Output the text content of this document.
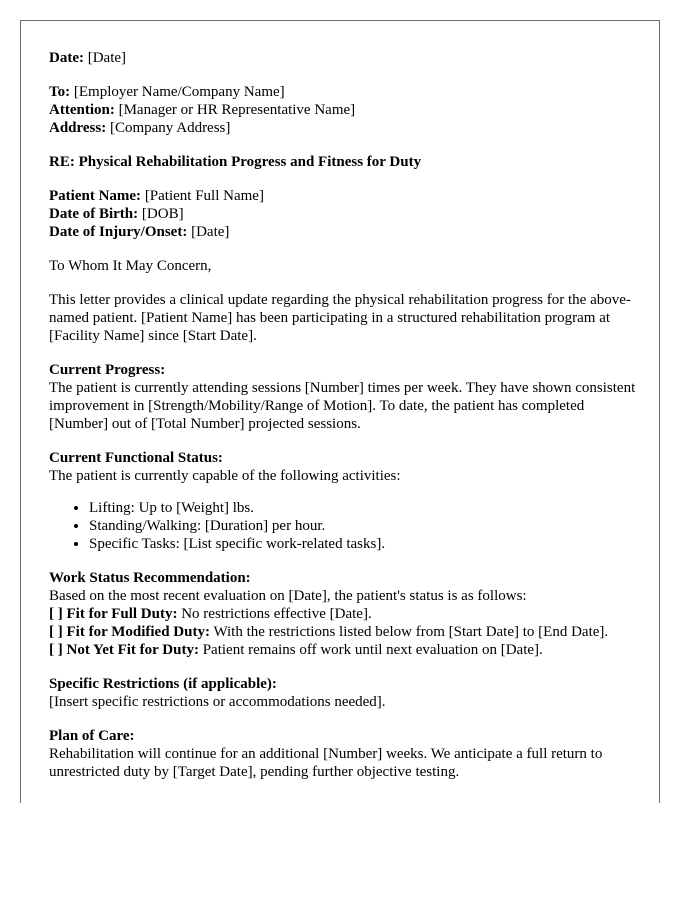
Date: [Date]

To: [Employer Name/Company Name]
Attention: [Manager or HR Representative Name]
Address: [Company Address]

RE: Physical Rehabilitation Progress and Fitness for Duty

Patient Name: [Patient Full Name]
Date of Birth: [DOB]
Date of Injury/Onset: [Date]

To Whom It May Concern,

This letter provides a clinical update regarding the physical rehabilitation progress for the above-named patient. [Patient Name] has been participating in a structured rehabilitation program at [Facility Name] since [Start Date].

Current Progress:
The patient is currently attending sessions [Number] times per week. They have shown consistent improvement in [Strength/Mobility/Range of Motion]. To date, the patient has completed [Number] out of [Total Number] projected sessions.

Current Functional Status:
The patient is currently capable of the following activities:

• Lifting: Up to [Weight] lbs.
• Standing/Walking: [Duration] per hour.
• Specific Tasks: [List specific work-related tasks].

Work Status Recommendation:
Based on the most recent evaluation on [Date], the patient's status is as follows:
[ ] Fit for Full Duty: No restrictions effective [Date].
[ ] Fit for Modified Duty: With the restrictions listed below from [Start Date] to [End Date].
[ ] Not Yet Fit for Duty: Patient remains off work until next evaluation on [Date].

Specific Restrictions (if applicable):
[Insert specific restrictions or accommodations needed].

Plan of Care:
Rehabilitation will continue for an additional [Number] weeks. We anticipate a full return to unrestricted duty by [Target Date], pending further objective testing.
